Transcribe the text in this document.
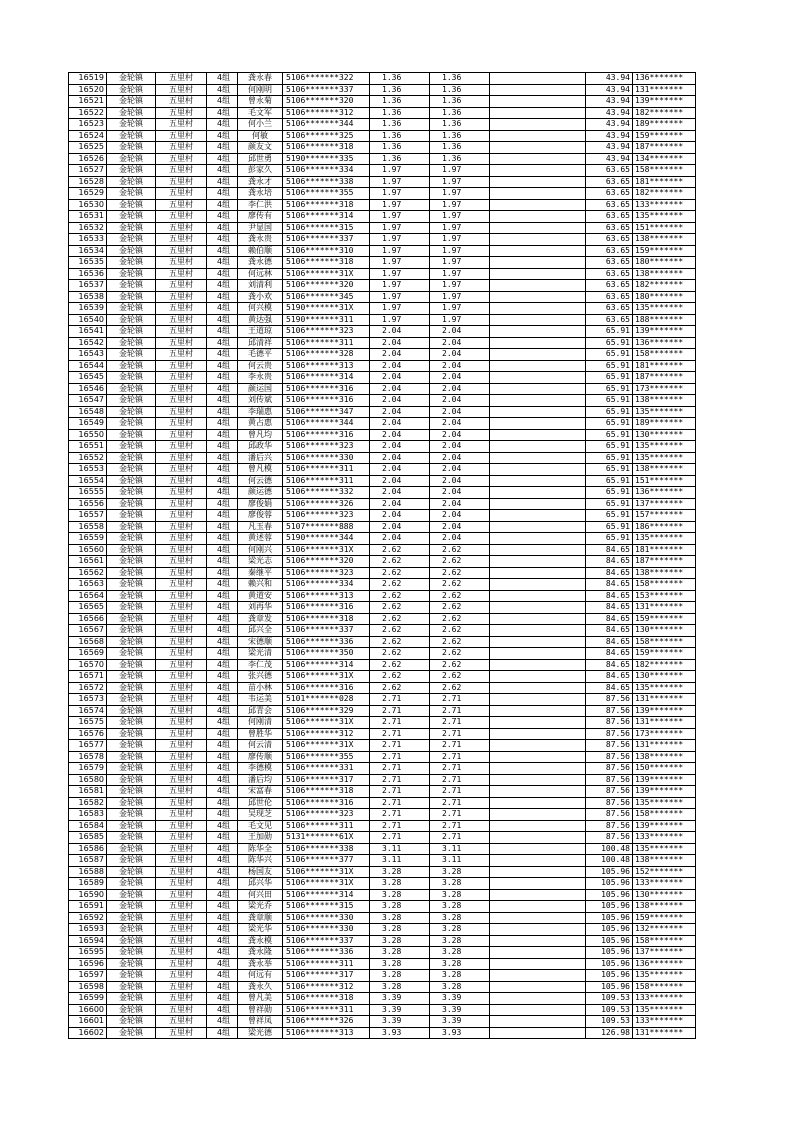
16519	金轮镇	五里村	4组	龚永春	5106*******322	1.36	1.36		43.94	136*******
16520	金轮镇	五里村	4组	何刚明	5106*******337	1.36	1.36		43.94	131*******
16521	金轮镇	五里村	4组	曾永菊	5106*******320	1.36	1.36		43.94	139*******
16522	金轮镇	五里村	4组	毛文军	5106*******312	1.36	1.36		43.94	182*******
16523	金轮镇	五里村	4组	何小兰	5106*******344	1.36	1.36		43.94	189*******
16524	金轮镇	五里村	4组	何敏	5106*******325	1.36	1.36		43.94	159*******
16525	金轮镇	五里村	4组	颜友文	5106*******318	1.36	1.36		43.94	187*******
16526	金轮镇	五里村	4组	邱世勇	5190*******335	1.36	1.36		43.94	134*******
16527	金轮镇	五里村	4组	彭家久	5106*******334	1.97	1.97		63.65	158*******
16528	金轮镇	五里村	4组	龚永才	5106*******338	1.97	1.97		63.65	181*******
16529	金轮镇	五里村	4组	龚永培	5106*******355	1.97	1.97		63.65	182*******
16530	金轮镇	五里村	4组	李仁洪	5106*******318	1.97	1.97		63.65	133*******
16531	金轮镇	五里村	4组	廖传有	5106*******314	1.97	1.97		63.65	135*******
16532	金轮镇	五里村	4组	尹显国	5106*******315	1.97	1.97		63.65	151*******
16533	金轮镇	五里村	4组	龚永贵	5106*******337	1.97	1.97		63.65	138*******
16534	金轮镇	五里村	4组	赖伯顺	5106*******310	1.97	1.97		63.65	159*******
16535	金轮镇	五里村	4组	龚永德	5106*******318	1.97	1.97		63.65	180*******
16536	金轮镇	五里村	4组	何远林	5106*******31X	1.97	1.97		63.65	138*******
16537	金轮镇	五里村	4组	刘清利	5106*******320	1.97	1.97		63.65	182*******
16538	金轮镇	五里村	4组	龚小欢	5106*******345	1.97	1.97		63.65	180*******
16539	金轮镇	五里村	4组	何兴模	5190*******31X	1.97	1.97		63.65	135*******
16540	金轮镇	五里村	4组	黄达强	5190*******311	1.97	1.97		63.65	188*******
16541	金轮镇	五里村	4组	王道琼	5106*******323	2.04	2.04		65.91	139*******
16542	金轮镇	五里村	4组	邱清祥	5106*******311	2.04	2.04		65.91	136*******
16543	金轮镇	五里村	4组	毛德平	5106*******328	2.04	2.04		65.91	158*******
16544	金轮镇	五里村	4组	何云贵	5106*******313	2.04	2.04		65.91	181*******
16545	金轮镇	五里村	4组	李永贵	5106*******314	2.04	2.04		65.91	187*******
16546	金轮镇	五里村	4组	颜运国	5106*******316	2.04	2.04		65.91	173*******
16547	金轮镇	五里村	4组	刘传斌	5106*******316	2.04	2.04		65.91	138*******
16548	金轮镇	五里村	4组	李瑞惠	5106*******347	2.04	2.04		65.91	135*******
16549	金轮镇	五里村	4组	黄占惠	5106*******344	2.04	2.04		65.91	189*******
16550	金轮镇	五里村	4组	曾凡均	5106*******316	2.04	2.04		65.91	130*******
16551	金轮镇	五里村	4组	邱政华	5106*******323	2.04	2.04		65.91	135*******
16552	金轮镇	五里村	4组	潘后兴	5106*******330	2.04	2.04		65.91	135*******
16553	金轮镇	五里村	4组	曾凡模	5106*******311	2.04	2.04		65.91	138*******
16554	金轮镇	五里村	4组	何云德	5106*******311	2.04	2.04		65.91	151*******
16555	金轮镇	五里村	4组	颜运德	5106*******332	2.04	2.04		65.91	136*******
16556	金轮镇	五里村	4组	廖俊娟	5106*******326	2.04	2.04		65.91	137*******
16557	金轮镇	五里村	4组	廖俊蓉	5106*******323	2.04	2.04		65.91	157*******
16558	金轮镇	五里村	4组	凡玉春	5107*******888	2.04	2.04		65.91	186*******
16559	金轮镇	五里村	4组	黄述蓉	5190*******344	2.04	2.04		65.91	135*******
16560	金轮镇	五里村	4组	何刚兴	5106*******31X	2.62	2.62		84.65	181*******
16561	金轮镇	五里村	4组	梁光志	5106*******320	2.62	2.62		84.65	187*******
16562	金轮镇	五里村	4组	秦继平	5106*******323	2.62	2.62		84.65	138*******
16563	金轮镇	五里村	4组	赖兴和	5106*******334	2.62	2.62		84.65	158*******
16564	金轮镇	五里村	4组	黄道安	5106*******313	2.62	2.62		84.65	153*******
16565	金轮镇	五里村	4组	刘再华	5106*******316	2.62	2.62		84.65	131*******
16566	金轮镇	五里村	4组	龚章发	5106*******318	2.62	2.62		84.65	159*******
16567	金轮镇	五里村	4组	邱兴全	5106*******337	2.62	2.62		84.65	130*******
16568	金轮镇	五里村	4组	宋德顺	5106*******336	2.62	2.62		84.65	158*******
16569	金轮镇	五里村	4组	梁光清	5106*******350	2.62	2.62		84.65	159*******
16570	金轮镇	五里村	4组	李仁茂	5106*******314	2.62	2.62		84.65	182*******
16571	金轮镇	五里村	4组	张兴德	5106*******31X	2.62	2.62		84.65	130*******
16572	金轮镇	五里村	4组	苗小林	5106*******316	2.62	2.62		84.65	135*******
16573	金轮镇	五里村	4组	韦运美	5101*******028	2.71	2.71		87.56	131*******
16574	金轮镇	五里村	4组	邱青会	5106*******329	2.71	2.71		87.56	139*******
16575	金轮镇	五里村	4组	何刚清	5106*******31X	2.71	2.71		87.56	131*******
16576	金轮镇	五里村	4组	曾胜华	5106*******312	2.71	2.71		87.56	173*******
16577	金轮镇	五里村	4组	何云清	5106*******31X	2.71	2.71		87.56	131*******
16578	金轮镇	五里村	4组	廖传顺	5106*******355	2.71	2.71		87.56	138*******
16579	金轮镇	五里村	4组	李德模	5106*******331	2.71	2.71		87.56	150*******
16580	金轮镇	五里村	4组	潘后均	5106*******317	2.71	2.71		87.56	139*******
16581	金轮镇	五里村	4组	宋富春	5106*******318	2.71	2.71		87.56	139*******
16582	金轮镇	五里村	4组	邱世伦	5106*******316	2.71	2.71		87.56	135*******
16583	金轮镇	五里村	4组	吴现芝	5106*******323	2.71	2.71		87.56	158*******
16584	金轮镇	五里村	4组	毛文见	5106*******311	2.71	2.71		87.56	139*******
16585	金轮镇	五里村	4组	王加勋	5131*******61X	2.71	2.71		87.56	133*******
16586	金轮镇	五里村	4组	陈华全	5106*******338	3.11	3.11		100.48	135*******
16587	金轮镇	五里村	4组	陈华兴	5106*******377	3.11	3.11		100.48	138*******
16588	金轮镇	五里村	4组	杨国友	5106*******31X	3.28	3.28		105.96	152*******
16589	金轮镇	五里村	4组	邱兴华	5106*******31X	3.28	3.28		105.96	133*******
16590	金轮镇	五里村	4组	何兴田	5106*******314	3.28	3.28		105.96	130*******
16591	金轮镇	五里村	4组	梁光乔	5106*******315	3.28	3.28		105.96	138*******
16592	金轮镇	五里村	4组	龚章顺	5106*******330	3.28	3.28		105.96	159*******
16593	金轮镇	五里村	4组	梁光华	5106*******330	3.28	3.28		105.96	132*******
16594	金轮镇	五里村	4组	龚永模	5106*******337	3.28	3.28		105.96	158*******
16595	金轮镇	五里村	4组	龚永隆	5106*******336	3.28	3.28		105.96	137*******
16596	金轮镇	五里村	4组	龚永举	5106*******311	3.28	3.28		105.96	136*******
16597	金轮镇	五里村	4组	何远有	5106*******317	3.28	3.28		105.96	135*******
16598	金轮镇	五里村	4组	龚永久	5106*******312	3.28	3.28		105.96	158*******
16599	金轮镇	五里村	4组	曾凡美	5106*******318	3.39	3.39		109.53	133*******
16600	金轮镇	五里村	4组	曾祥勋	5106*******311	3.39	3.39		109.53	135*******
16601	金轮镇	五里村	4组	曾祥凤	5106*******326	3.39	3.39		109.53	133*******
16602	金轮镇	五里村	4组	梁光德	5106*******313	3.93	3.93		126.98	131*******
